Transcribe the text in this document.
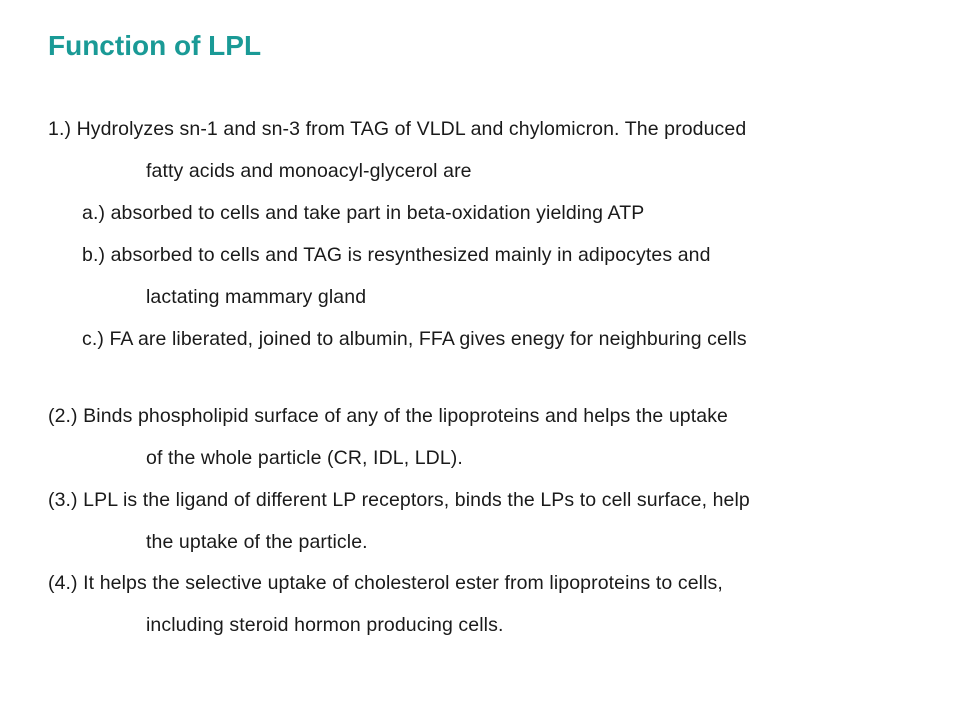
Function of LPL

1.) Hydrolyzes sn-1 and sn-3 from TAG of VLDL and chylomicron. The produced

fatty acids and monoacyl-glycerol are

a.) absorbed to cells and take part in beta-oxidation yielding ATP

b.) absorbed to cells and TAG is resynthesized mainly in adipocytes and

lactating mammary gland

c.) FA are liberated, joined to albumin, FFA gives enegy for neighburing cells

(2.) Binds phospholipid surface of any of the lipoproteins and helps the uptake

of the whole particle (CR, IDL, LDL).

(3.) LPL is the ligand of different LP receptors, binds the LPs to cell surface, help

the uptake of the particle.

(4.) It helps the selective uptake of cholesterol ester from lipoproteins to cells,

including steroid hormon producing cells.
